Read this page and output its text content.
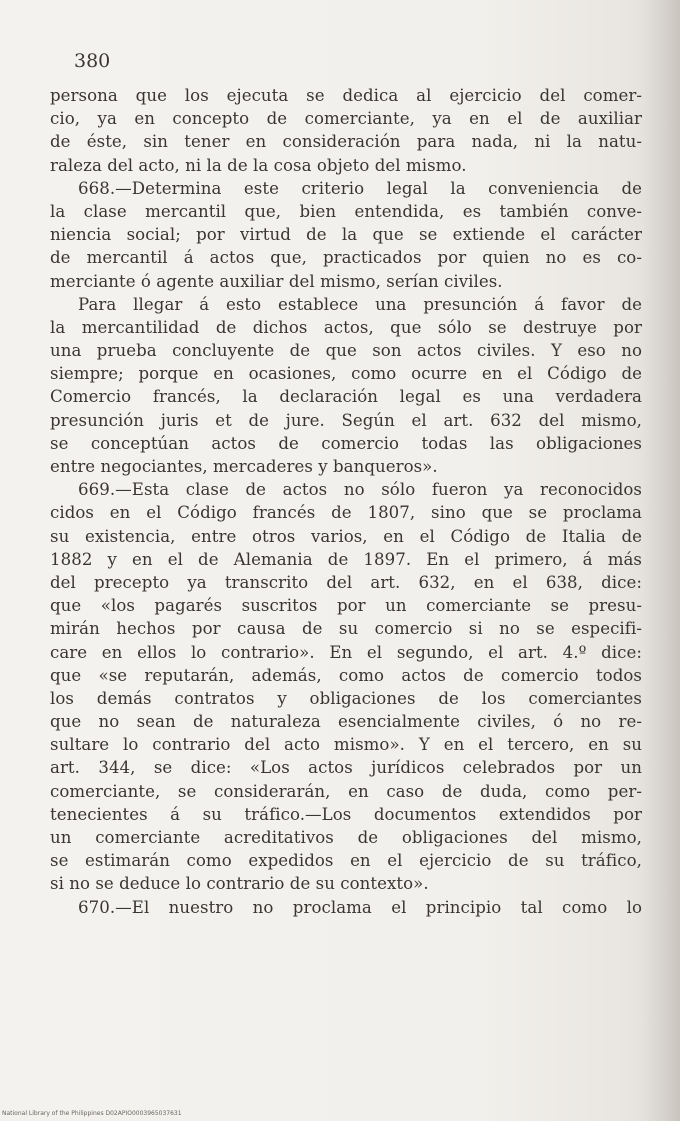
380
persona que los ejecuta se dedica al ejercicio del comer-
cio, ya en concepto de comerciante, ya en el de auxiliar
de éste, sin tener en consideración para nada, ni la natu-
raleza del acto, ni la de la cosa objeto del mismo.
668.—Determina este criterio legal la conveniencia de
la clase mercantil que, bien entendida, es también conve-
niencia social; por virtud de la que se extiende el carácter
de mercantil á actos que, practicados por quien no es co-
merciante ó agente auxiliar del mismo, serían civiles.
Para llegar á esto establece una presunción á favor de
la mercantilidad de dichos actos, que sólo se destruye por
una prueba concluyente de que son actos civiles. Y eso no
siempre; porque en ocasiones, como ocurre en el Código de
Comercio francés, la declaración legal es una verdadera
presunción juris et de jure. Según el art. 632 del mismo,
se conceptúan actos de comercio todas las obligaciones
entre negociantes, mercaderes y banqueros».
669.—Esta clase de actos no sólo fueron ya reconocidos
cidos en el Código francés de 1807, sino que se proclama
su existencia, entre otros varios, en el Código de Italia de
1882 y en el de Alemania de 1897. En el primero, á más
del precepto ya transcrito del art. 632, en el 638, dice:
que «los pagarés suscritos por un comerciante se presu-
mirán hechos por causa de su comercio si no se especifi-
care en ellos lo contrario». En el segundo, el art. 4.º dice:
que «se reputarán, además, como actos de comercio todos
los demás contratos y obligaciones de los comerciantes
que no sean de naturaleza esencialmente civiles, ó no re-
sultare lo contrario del acto mismo». Y en el tercero, en su
art. 344, se dice: «Los actos jurídicos celebrados por un
comerciante, se considerarán, en caso de duda, como per-
tenecientes á su tráfico.—Los documentos extendidos por
un comerciante acreditativos de obligaciones del mismo,
se estimarán como expedidos en el ejercicio de su tráfico,
si no se deduce lo contrario de su contexto».
670.—El nuestro no proclama el principio tal como lo
National Library of the Philippines D02APIO0003965037631
